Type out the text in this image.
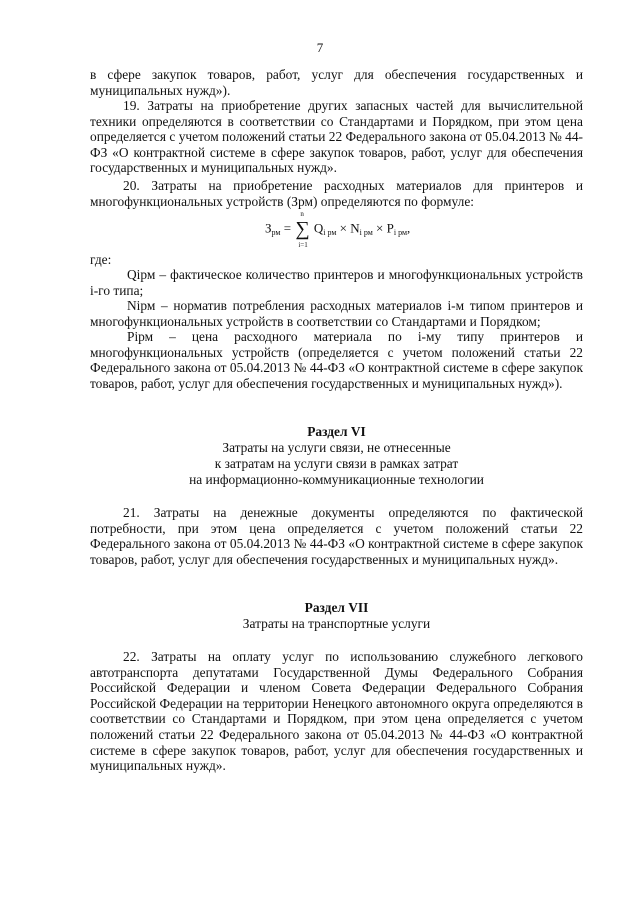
7
в сфере закупок товаров, работ, услуг для обеспечения государственных и муниципальных нужд»).
19. Затраты на приобретение других запасных частей для вычислительной техники определяются в соответствии со Стандартами и Порядком, при этом цена определяется с учетом положений статьи 22 Федерального закона от 05.04.2013 № 44-ФЗ «О контрактной системе в сфере закупок товаров, работ, услуг для обеспечения государственных и муниципальных нужд».
20. Затраты на приобретение расходных материалов для принтеров и многофункциональных устройств (Зрм) определяются по формуле:
$З_{рм}$ = ∑
n
i=1
$Q_{i рм} \times N_{i рм} \times P_{i рм}$,
где:
Qiрм – фактическое количество принтеров и многофункциональных устройств i-го типа;
Niрм – норматив потребления расходных материалов i-м типом принтеров и многофункциональных устройств в соответствии со Стандартами и Порядком;
Piрм – цена расходного материала по i-му типу принтеров и многофункциональных устройств (определяется с учетом положений статьи 22 Федерального закона от 05.04.2013 № 44-ФЗ «О контрактной системе в сфере закупок товаров, работ, услуг для обеспечения государственных и муниципальных нужд»).
Раздел VI
Затраты на услуги связи, не отнесенные
к затратам на услуги связи в рамках затрат
на информационно-коммуникационные технологии
21. Затраты на денежные документы определяются по фактической потребности, при этом цена определяется с учетом положений статьи 22 Федерального закона от 05.04.2013 № 44-ФЗ «О контрактной системе в сфере закупок товаров, работ, услуг для обеспечения государственных и муниципальных нужд».
Раздел VII
Затраты на транспортные услуги
22. Затраты на оплату услуг по использованию служебного легкового автотранспорта депутатами Государственной Думы Федерального Собрания Российской Федерации и членом Совета Федерации Федерального Собрания Российской Федерации на территории Ненецкого автономного округа определяются в соответствии со Стандартами и Порядком, при этом цена определяется с учетом положений статьи 22 Федерального закона от 05.04.2013 № 44-ФЗ «О контрактной системе в сфере закупок товаров, работ, услуг для обеспечения государственных и муниципальных нужд».
